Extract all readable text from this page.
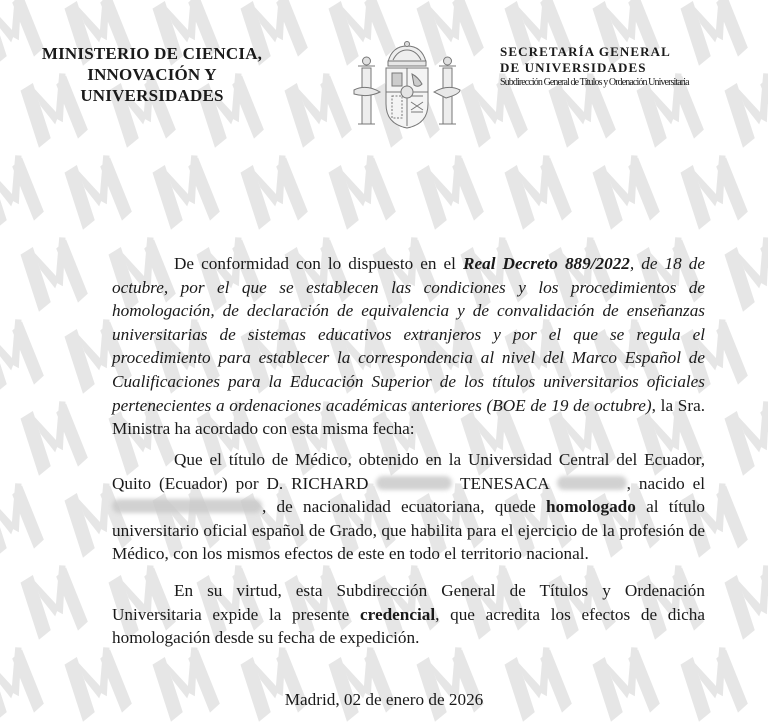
MINISTERIO DE CIENCIA,
INNOVACIÓN Y
UNIVERSIDADES
SECRETARÍA GENERAL
DE UNIVERSIDADES
Subdirección General de Títulos y Ordenación Universitaria
De conformidad con lo dispuesto en el Real Decreto 889/2022, de 18 de octubre, por el que se establecen las condiciones y los procedimientos de homologación, de declaración de equivalencia y de convalidación de enseñanzas universitarias de sistemas educativos extranjeros y por el que se regula el procedimiento para establecer la correspondencia al nivel del Marco Español de Cualificaciones para la Educación Superior de los títulos universitarios oficiales pertenecientes a ordenaciones académicas anteriores (BOE de 19 de octubre), la Sra. Ministra ha acordado con esta misma fecha:
Que el título de Médico, obtenido en la Universidad Central del Ecuador, Quito (Ecuador) por D. RICHARD	TENESACA	, nacido el , de nacionalidad ecuatoriana, quede homologado al título universitario oficial español de Grado, que habilita para el ejercicio de la profesión de Médico, con los mismos efectos de este en todo el territorio nacional.
En su virtud, esta Subdirección General de Títulos y Ordenación Universitaria expide la presente credencial, que acredita los efectos de dicha homologación desde su fecha de expedición.
Madrid, 02 de enero de 2026
